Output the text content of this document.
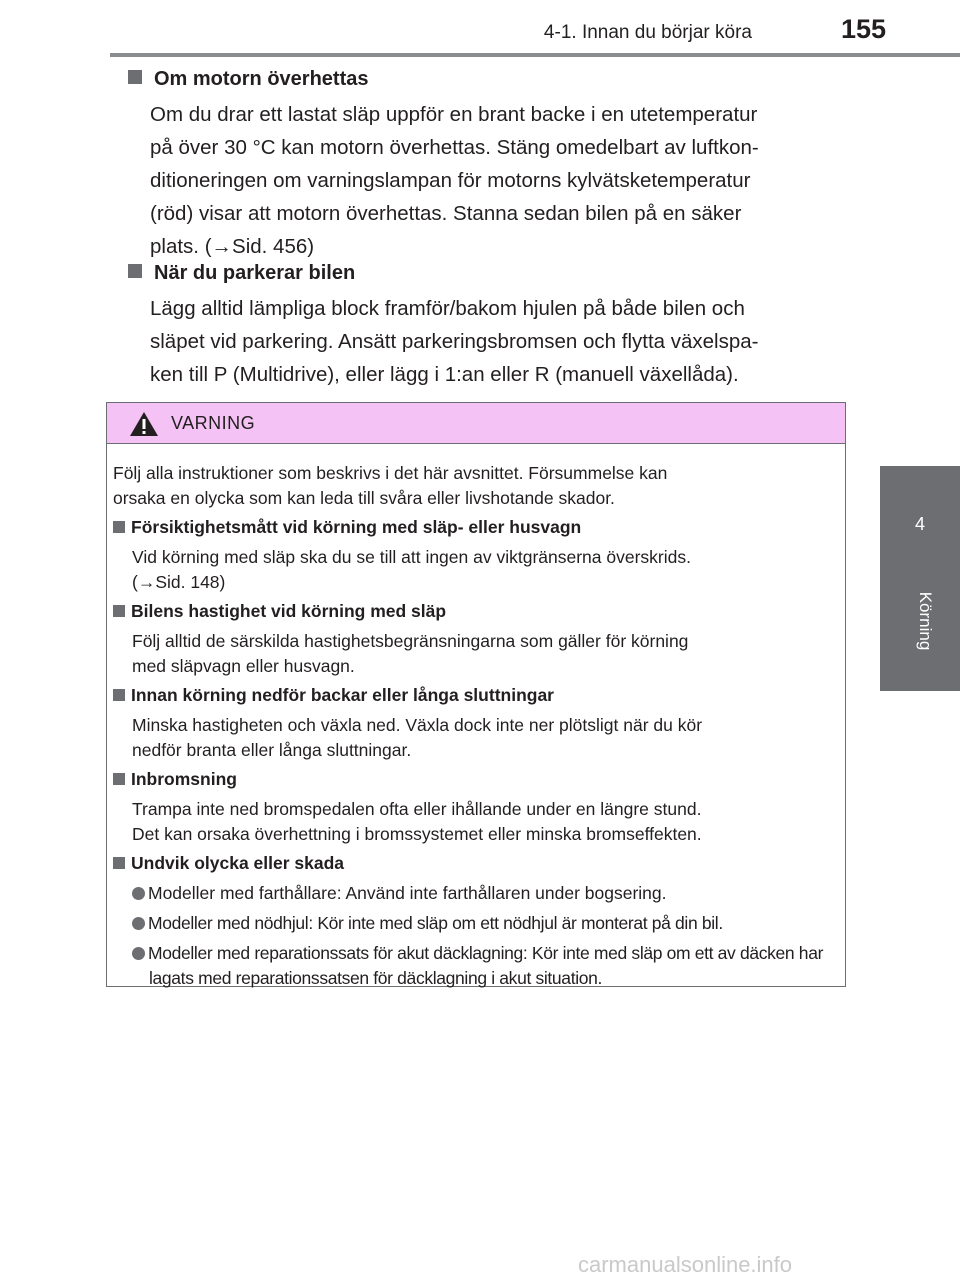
4-1. Innan du börjar köra	155
4
Körning
Om motorn överhettas
Om du drar ett lastat släp uppför en brant backe i en utetemperatur
på över 30 °C kan motorn överhettas. Stäng omedelbart av luftkon-
ditioneringen om varningslampan för motorns kylvätsketemperatur
(röd) visar att motorn överhettas. Stanna sedan bilen på en säker
plats. (→Sid. 456)
När du parkerar bilen
Lägg alltid lämpliga block framför/bakom hjulen på både bilen och
släpet vid parkering. Ansätt parkeringsbromsen och flytta växelspa-
ken till P (Multidrive), eller lägg i 1:an eller R (manuell växellåda).
VARNING
Följ alla instruktioner som beskrivs i det här avsnittet. Försummelse kan
orsaka en olycka som kan leda till svåra eller livshotande skador.
Försiktighetsmått vid körning med släp- eller husvagn
Vid körning med släp ska du se till att ingen av viktgränserna överskrids.
(→Sid. 148)
Bilens hastighet vid körning med släp
Följ alltid de särskilda hastighetsbegränsningarna som gäller för körning
med släpvagn eller husvagn.
Innan körning nedför backar eller långa sluttningar
Minska hastigheten och växla ned. Växla dock inte ner plötsligt när du kör
nedför branta eller långa sluttningar.
Inbromsning
Trampa inte ned bromspedalen ofta eller ihållande under en längre stund.
Det kan orsaka överhettning i bromssystemet eller minska bromseffekten.
Undvik olycka eller skada
Modeller med farthållare: Använd inte farthållaren under bogsering.
Modeller med nödhjul: Kör inte med släp om ett nödhjul är monterat på din bil.
Modeller med reparationssats för akut däcklagning: Kör inte med släp om ett av däcken har lagats med reparationssatsen för däcklagning i akut situation.
carmanualsonline.info
